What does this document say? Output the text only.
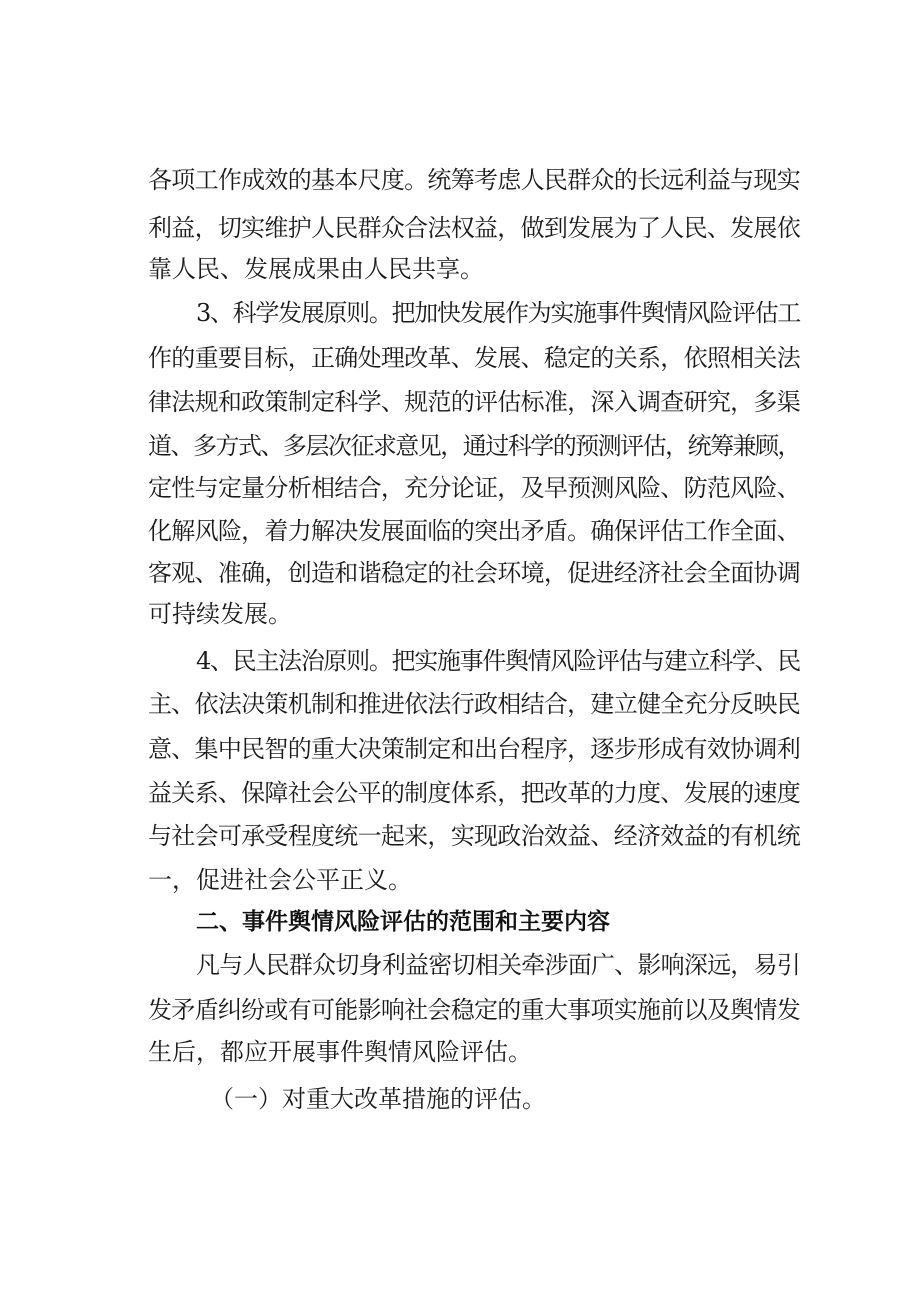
各项工作成效的基本尺度。统筹考虑人民群众的长远利益与现实
利益，切实维护人民群众合法权益，做到发展为了人民、发展依
靠人民、发展成果由人民共享。
3、科学发展原则。把加快发展作为实施事件舆情风险评估工
作的重要目标，正确处理改革、发展、稳定的关系，依照相关法
律法规和政策制定科学、规范的评估标准，深入调查研究，多渠
道、多方式、多层次征求意见，通过科学的预测评估，统筹兼顾，
定性与定量分析相结合，充分论证，及早预测风险、防范风险、
化解风险，着力解决发展面临的突出矛盾。确保评估工作全面、
客观、准确，创造和谐稳定的社会环境，促进经济社会全面协调
可持续发展。
4、民主法治原则。把实施事件舆情风险评估与建立科学、民
主、依法决策机制和推进依法行政相结合，建立健全充分反映民
意、集中民智的重大决策制定和出台程序，逐步形成有效协调利
益关系、保障社会公平的制度体系，把改革的力度、发展的速度
与社会可承受程度统一起来，实现政治效益、经济效益的有机统
一，促进社会公平正义。
二、事件舆情风险评估的范围和主要内容
凡与人民群众切身利益密切相关牵涉面广、影响深远，易引
发矛盾纠纷或有可能影响社会稳定的重大事项实施前以及舆情发
生后，都应开展事件舆情风险评估。
（一）对重大改革措施的评估。
